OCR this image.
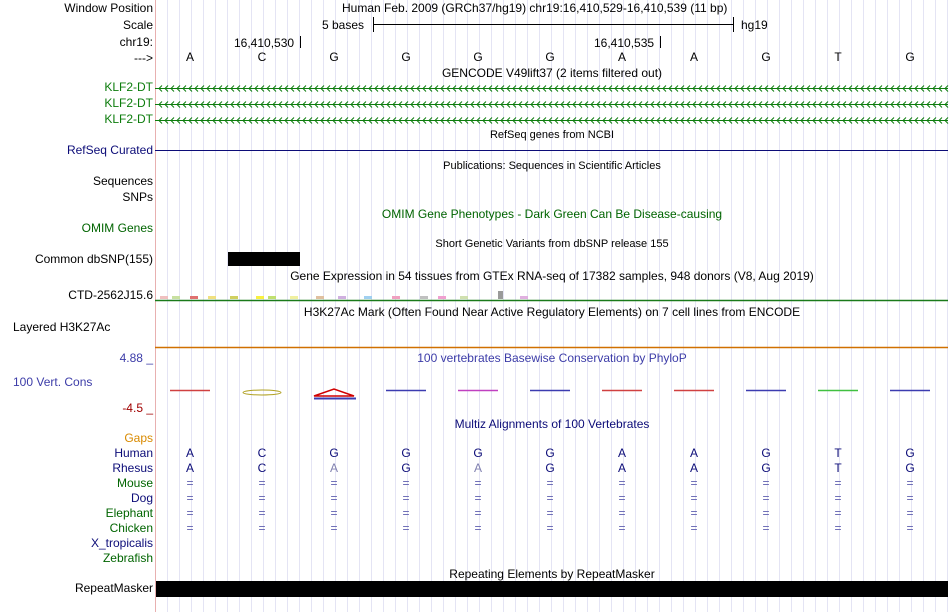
Window Position	Human Feb. 2009 (GRCh37/hg19) chr19:16,410,529-16,410,539 (11 bp)
Scale	5 bases	hg19
chr19:	16,410,530	16,410,535
--->	A	C	G	G	G	G	A	A	G	T	G
GENCODE V49lift37 (2 items filtered out)
KLF2-DT
KLF2-DT
KLF2-DT
RefSeq genes from NCBI
RefSeq Curated
Publications: Sequences in Scientific Articles
Sequences
SNPs
OMIM Gene Phenotypes - Dark Green Can Be Disease-causing
OMIM Genes
Short Genetic Variants from dbSNP release 155
Common dbSNP(155)
Gene Expression in 54 tissues from GTEx RNA-seq of 17382 samples, 948 donors (V8, Aug 2019)
CTD-2562J15.6
H3K27Ac Mark (Often Found Near Active Regulatory Elements) on 7 cell lines from ENCODE
Layered H3K27Ac
100 vertebrates Basewise Conservation by PhyloP
4.88 _
100 Vert. Cons
-4.5 _
Multiz Alignments of 100 Vertebrates
Gaps
Human	A	C	G	G	G	G	A	A	G	T	G
Rhesus	A	C	A	G	A	G	A	A	G	T	G
Mouse	=	=	=	=	=	=	=	=	=	=	=
Dog	=	=	=	=	=	=	=	=	=	=	=
Elephant	=	=	=	=	=	=	=	=	=	=	=
Chicken	=	=	=	=	=	=	=	=	=	=	=
X_tropicalis
Zebrafish
Repeating Elements by RepeatMasker
RepeatMasker
